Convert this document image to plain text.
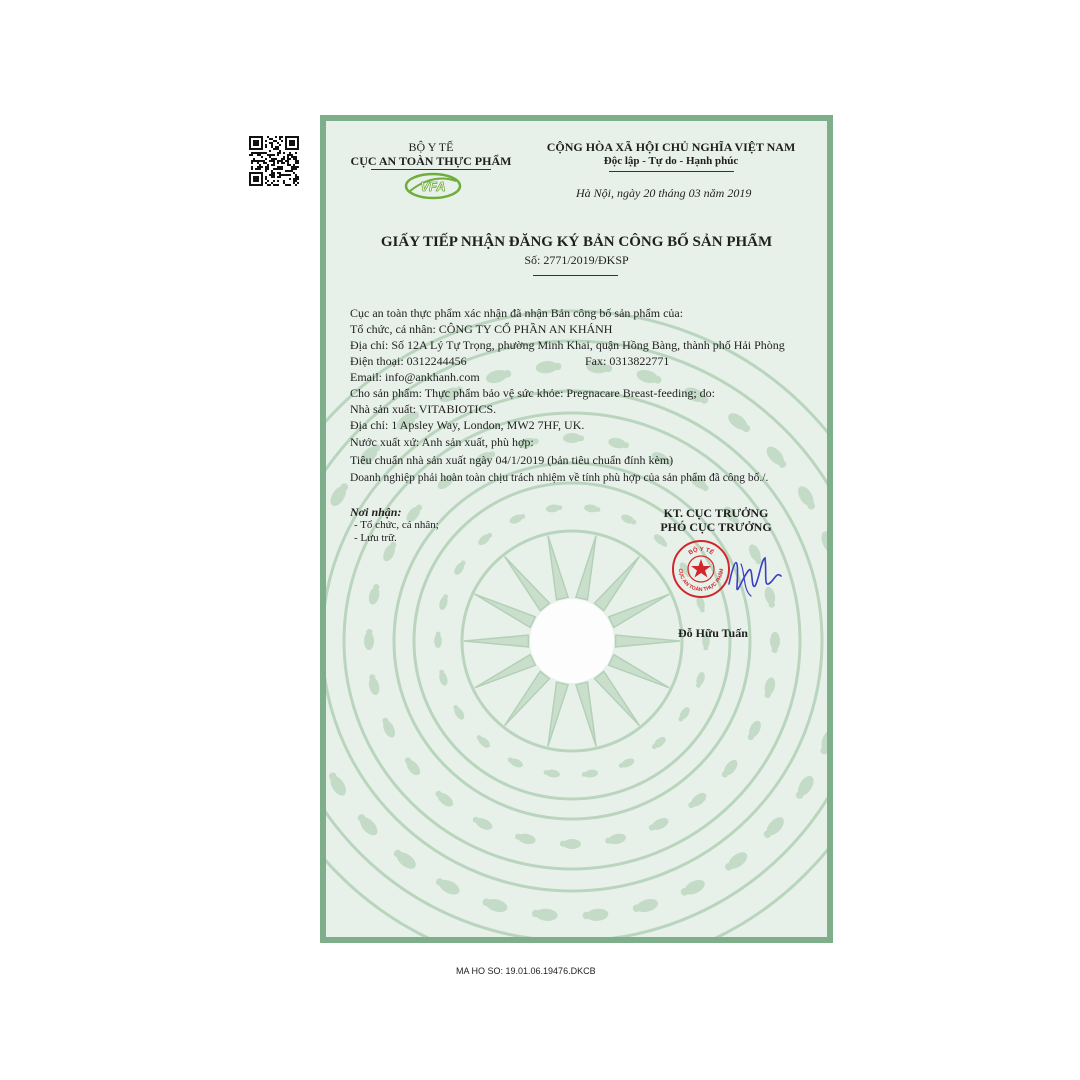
BỘ Y TẾ
CỤC AN TOÀN THỰC PHẨM
VFA
CỘNG HÒA XÃ HỘI CHỦ NGHĨA VIỆT NAM
Độc lập - Tự do - Hạnh phúc
Hà Nội, ngày 20 tháng 03 năm 2019
GIẤY TIẾP NHẬN ĐĂNG KÝ BẢN CÔNG BỐ SẢN PHẨM
Số: 2771/2019/ĐKSP
Cục an toàn thực phẩm xác nhận đã nhận Bản công bố sản phẩm của:
Tổ chức, cá nhân: CÔNG TY CỔ PHẦN AN KHÁNH
Địa chỉ: Số 12A Lý Tự Trọng, phường Minh Khai, quận Hồng Bàng, thành phố Hải Phòng
Điện thoại: 0312244456	Fax: 0313822771
Email: info@ankhanh.com
Cho sản phẩm: Thực phẩm bảo vệ sức khỏe: Pregnacare Breast-feeding; do:
Nhà sản xuất: VITABIOTICS.
Địa chỉ: 1 Apsley Way, London, MW2 7HF, UK.
Nước xuất xứ: Anh sản xuất, phù hợp:
Tiêu chuẩn nhà sản xuất ngày 04/1/2019 (bản tiêu chuẩn đính kèm)
Doanh nghiệp phải hoàn toàn chịu trách nhiệm về tính phù hợp của sản phẩm đã công bố./.
Nơi nhận:
- Tổ chức, cá nhân;
- Lưu trữ.
KT. CỤC TRƯỞNG
PHÓ CỤC TRƯỞNG
BỘ Y TẾ
CỤC AN TOÀN THỰC PHẨM
Đỗ Hữu Tuấn
MA HO SO: 19.01.06.19476.DKCB
